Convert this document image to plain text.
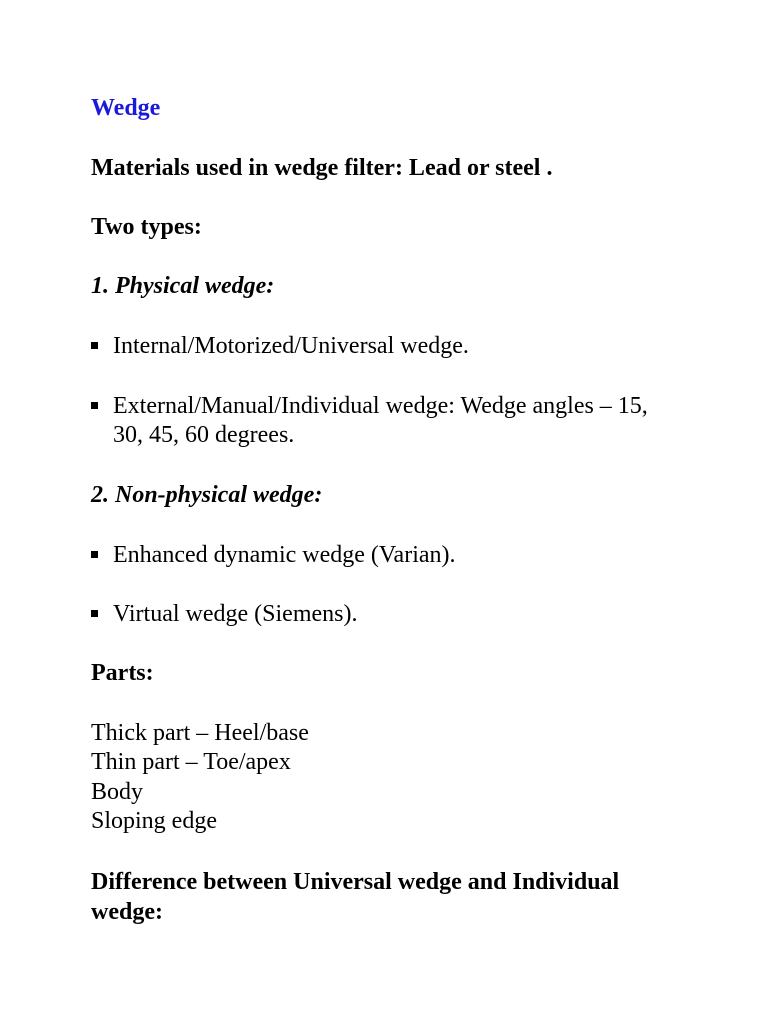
Wedge
Materials used in wedge filter: Lead or steel .
Two types:
1. Physical wedge:
Internal/Motorized/Universal wedge.
External/Manual/Individual wedge: Wedge angles – 15,
30, 45, 60 degrees.
2. Non-physical wedge:
Enhanced dynamic wedge (Varian).
Virtual wedge (Siemens).
Parts:
Thick part – Heel/base
Thin part – Toe/apex
Body
Sloping edge
Difference between Universal wedge and Individual
wedge:
